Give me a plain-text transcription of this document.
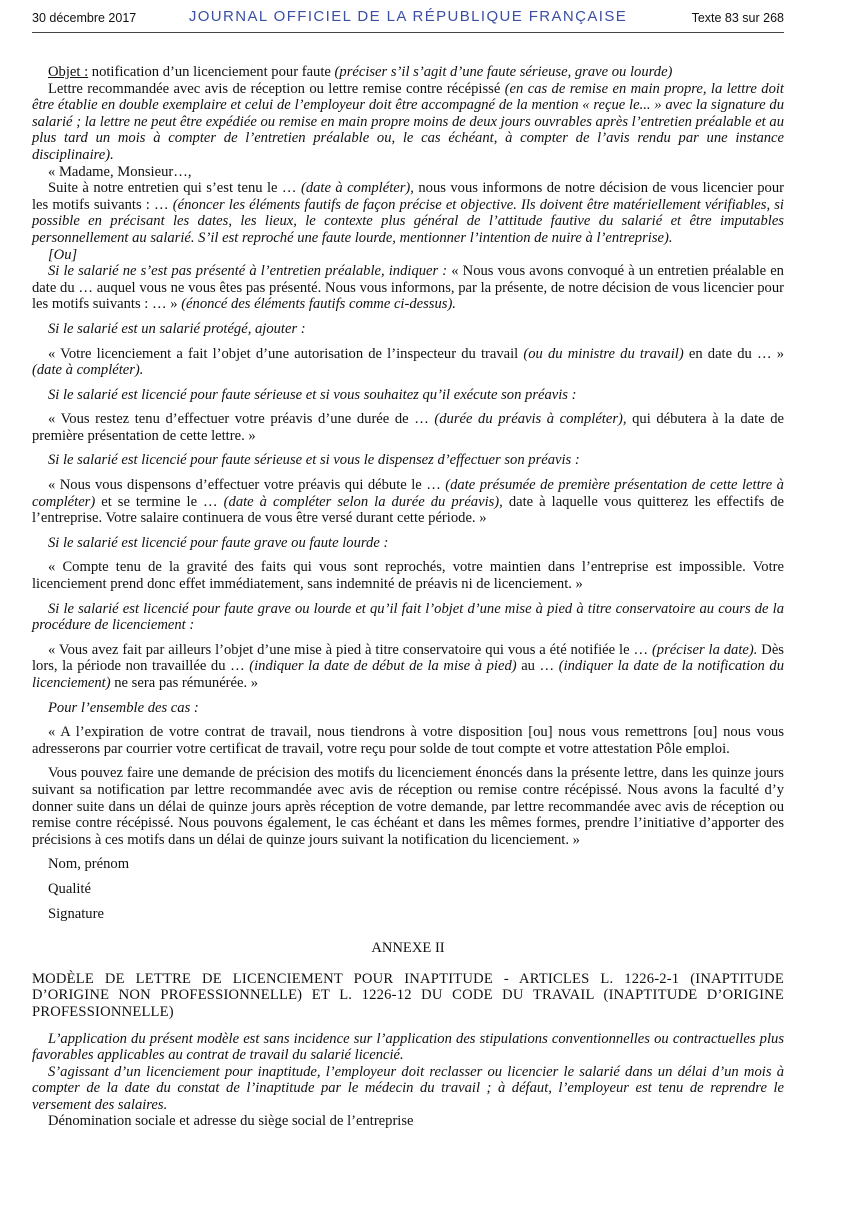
30 décembre 2017	JOURNAL OFFICIEL DE LA RÉPUBLIQUE FRANÇAISE	Texte 83 sur 268

Objet : notification d’un licenciement pour faute (préciser s’il s’agit d’une faute sérieuse, grave ou lourde)

Lettre recommandée avec avis de réception ou lettre remise contre récépissé (en cas de remise en main propre, la lettre doit être établie en double exemplaire et celui de l’employeur doit être accompagné de la mention « reçue le... » avec la signature du salarié ; la lettre ne peut être expédiée ou remise en main propre moins de deux jours ouvrables après l’entretien préalable et au plus tard un mois à compter de l’entretien préalable ou, le cas échéant, à compter de l’avis rendu par une instance disciplinaire).

« Madame, Monsieur…,

Suite à notre entretien qui s’est tenu le … (date à compléter), nous vous informons de notre décision de vous licencier pour les motifs suivants : … (énoncer les éléments fautifs de façon précise et objective. Ils doivent être matériellement vérifiables, si possible en précisant les dates, les lieux, le contexte plus général de l’attitude fautive du salarié et être imputables personnellement au salarié. S’il est reproché une faute lourde, mentionner l’intention de nuire à l’entreprise).

[Ou]

Si le salarié ne s’est pas présenté à l’entretien préalable, indiquer : « Nous vous avons convoqué à un entretien préalable en date du … auquel vous ne vous êtes pas présenté. Nous vous informons, par la présente, de notre décision de vous licencier pour les motifs suivants : … » (énoncé des éléments fautifs comme ci-dessus).

Si le salarié est un salarié protégé, ajouter :

« Votre licenciement a fait l’objet d’une autorisation de l’inspecteur du travail (ou du ministre du travail) en date du … » (date à compléter).

Si le salarié est licencié pour faute sérieuse et si vous souhaitez qu’il exécute son préavis :

« Vous restez tenu d’effectuer votre préavis d’une durée de … (durée du préavis à compléter), qui débutera à la date de première présentation de cette lettre. »

Si le salarié est licencié pour faute sérieuse et si vous le dispensez d’effectuer son préavis :

« Nous vous dispensons d’effectuer votre préavis qui débute le … (date présumée de première présentation de cette lettre à compléter) et se termine le … (date à compléter selon la durée du préavis), date à laquelle vous quitterez les effectifs de l’entreprise. Votre salaire continuera de vous être versé durant cette période. »

Si le salarié est licencié pour faute grave ou faute lourde :

« Compte tenu de la gravité des faits qui vous sont reprochés, votre maintien dans l’entreprise est impossible. Votre licenciement prend donc effet immédiatement, sans indemnité de préavis ni de licenciement. »

Si le salarié est licencié pour faute grave ou lourde et qu’il fait l’objet d’une mise à pied à titre conservatoire au cours de la procédure de licenciement :

« Vous avez fait par ailleurs l’objet d’une mise à pied à titre conservatoire qui vous a été notifiée le … (préciser la date). Dès lors, la période non travaillée du … (indiquer la date de début de la mise à pied) au … (indiquer la date de la notification du licenciement) ne sera pas rémunérée. »

Pour l’ensemble des cas :

« A l’expiration de votre contrat de travail, nous tiendrons à votre disposition [ou] nous vous remettrons [ou] nous vous adresserons par courrier votre certificat de travail, votre reçu pour solde de tout compte et votre attestation Pôle emploi.

Vous pouvez faire une demande de précision des motifs du licenciement énoncés dans la présente lettre, dans les quinze jours suivant sa notification par lettre recommandée avec avis de réception ou remise contre récépissé. Nous avons la faculté d’y donner suite dans un délai de quinze jours après réception de votre demande, par lettre recommandée avec avis de réception ou remise contre récépissé. Nous pouvons également, le cas échéant et dans les mêmes formes, prendre l’initiative d’apporter des précisions à ces motifs dans un délai de quinze jours suivant la notification du licenciement. »

Nom, prénom

Qualité

Signature

ANNEXE II

MODÈLE DE LETTRE DE LICENCIEMENT POUR INAPTITUDE - ARTICLES L. 1226-2-1 (INAPTITUDE D’ORIGINE NON PROFESSIONNELLE) ET L. 1226-12 DU CODE DU TRAVAIL (INAPTITUDE D’ORIGINE PROFESSIONNELLE)

L’application du présent modèle est sans incidence sur l’application des stipulations conventionnelles ou contractuelles plus favorables applicables au contrat de travail du salarié licencié.

S’agissant d’un licenciement pour inaptitude, l’employeur doit reclasser ou licencier le salarié dans un délai d’un mois à compter de la date du constat de l’inaptitude par le médecin du travail ; à défaut, l’employeur est tenu de reprendre le versement des salaires.

Dénomination sociale et adresse du siège social de l’entreprise
